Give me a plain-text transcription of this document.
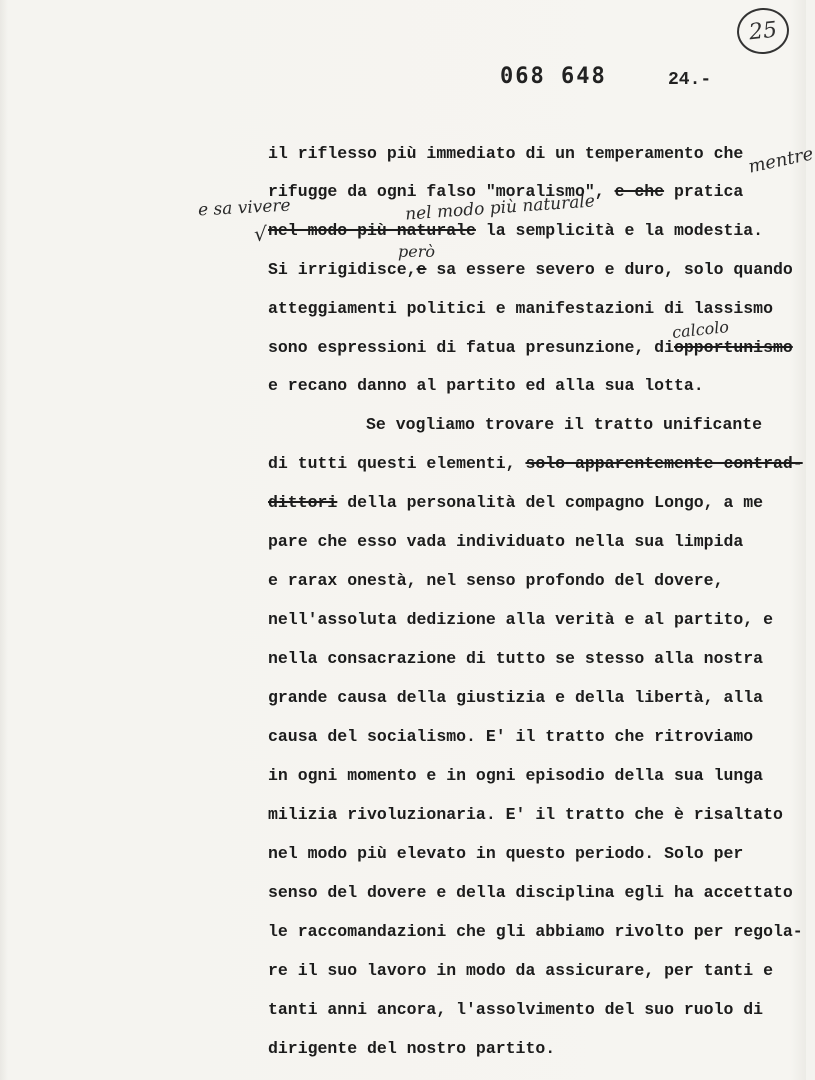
25
068 648	24.-
mentre
e sa vivere	nel modo più naturale
però
calcolo
√
il riflesso più immediato di un temperamento che
rifugge da ogni falso "moralismo", e che pratica
nel modo più naturale la semplicità e la modestia.
Si irrigidisce,e sa essere severo e duro, solo quando
atteggiamenti politici e manifestazioni di lassismo
sono espressioni di fatua presunzione, diopportunismo
e recano danno al partito ed alla sua lotta.
Se vogliamo trovare il tratto unificante
di tutti questi elementi, solo apparentemente contrad-
dittori della personalità del compagno Longo, a me
pare che esso vada individuato nella sua limpida
e rarax onestà, nel senso profondo del dovere,
nell'assoluta dedizione alla verità e al partito, e
nella consacrazione di tutto se stesso alla nostra
grande causa della giustizia e della libertà, alla
causa del socialismo. E' il tratto che ritroviamo
in ogni momento e in ogni episodio della sua lunga
milizia rivoluzionaria. E' il tratto che è risaltato
nel modo più elevato in questo periodo. Solo per
senso del dovere e della disciplina egli ha accettato
le raccomandazioni che gli abbiamo rivolto per regola-
re il suo lavoro in modo da assicurare, per tanti e
tanti anni ancora, l'assolvimento del suo ruolo di
dirigente del nostro partito.
